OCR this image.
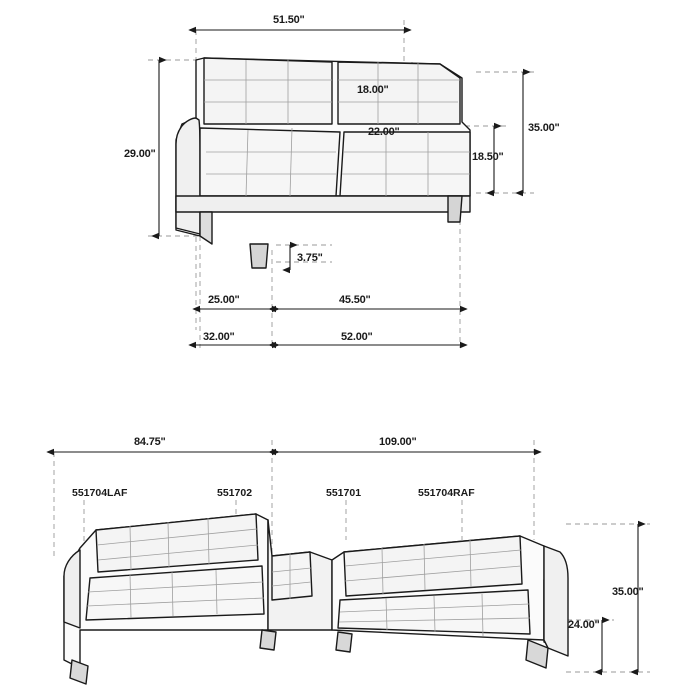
51.50"
18.00"
22.00"	35.00"
18.50"
29.00"
3.75"
25.00"	45.50"
32.00"	52.00"
84.75"	109.00"
35.00"
24.00"
551704LAF	551702	551701	551704RAF
